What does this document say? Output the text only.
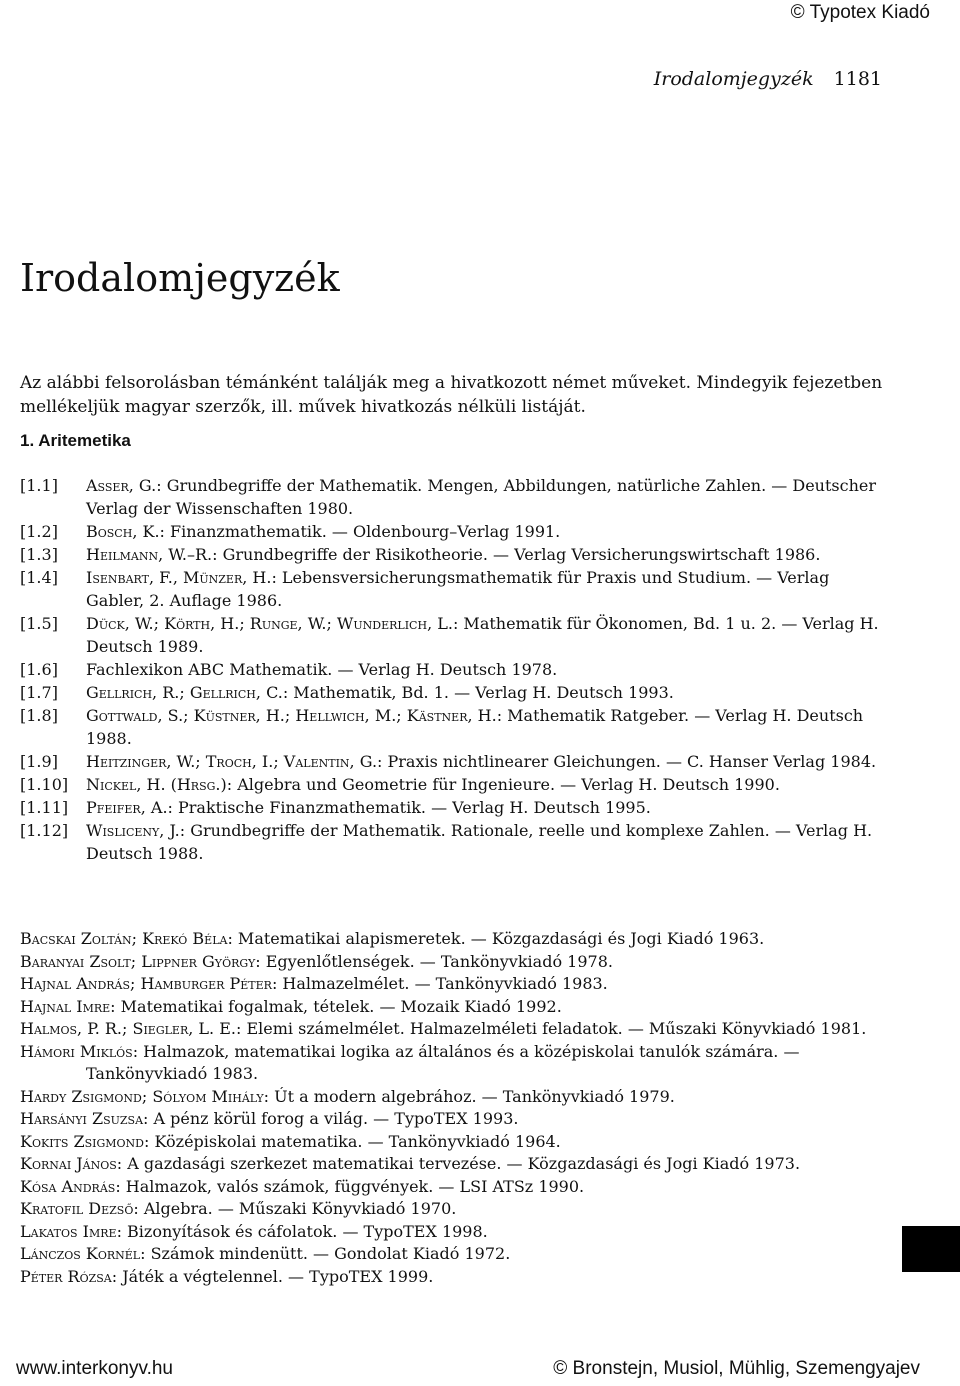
© Typotex Kiadó
Irodalomjegyzék 1181
Irodalomjegyzék

Az alábbi felsorolásban témánként találják meg a hivatkozott német műveket. Mindegyik fejezetben mellékeljük magyar szerzők, ill. művek hivatkozás nélküli listáját.

1. Aritemetika
[1.1]	Asser, G.: Grundbegriffe der Mathematik. Mengen, Abbildungen, natürliche Zahlen. — Deutscher Verlag der Wissenschaften 1980.
[1.2]	Bosch, K.: Finanzmathematik. — Oldenbourg–Verlag 1991.
[1.3]	Heilmann, W.–R.: Grundbegriffe der Risikotheorie. — Verlag Versicherungswirtschaft 1986.
[1.4]	Isenbart, F., Münzer, H.: Lebensversicherungsmathematik für Praxis und Studium. — Verlag Gabler, 2. Auflage 1986.
[1.5]	Dück, W.; Körth, H.; Runge, W.; Wunderlich, L.: Mathematik für Ökonomen, Bd. 1 u. 2. — Verlag H. Deutsch 1989.
[1.6]	Fachlexikon ABC Mathematik. — Verlag H. Deutsch 1978.
[1.7]	Gellrich, R.; Gellrich, C.: Mathematik, Bd. 1. — Verlag H. Deutsch 1993.
[1.8]	Gottwald, S.; Küstner, H.; Hellwich, M.; Kästner, H.: Mathematik Ratgeber. — Verlag H. Deutsch 1988.
[1.9]	Heitzinger, W.; Troch, I.; Valentin, G.: Praxis nichtlinearer Gleichungen. — C. Hanser Verlag 1984.
[1.10]	Nickel, H. (Hrsg.): Algebra und Geometrie für Ingenieure. — Verlag H. Deutsch 1990.
[1.11]	Pfeifer, A.: Praktische Finanzmathematik. — Verlag H. Deutsch 1995.
[1.12]	Wisliceny, J.: Grundbegriffe der Mathematik. Rationale, reelle und komplexe Zahlen. — Verlag H. Deutsch 1988.
Bacskai Zoltán; Krekó Béla: Matematikai alapismeretek. — Közgazdasági és Jogi Kiadó 1963.
Baranyai Zsolt; Lippner György: Egyenlőtlenségek. — Tankönyvkiadó 1978.
Hajnal András; Hamburger Péter: Halmazelmélet. — Tankönyvkiadó 1983.
Hajnal Imre: Matematikai fogalmak, tételek. — Mozaik Kiadó 1992.
Halmos, P. R.; Siegler, L. E.: Elemi számelmélet. Halmazelméleti feladatok. — Műszaki Könyvkiadó 1981.
Hámori Miklós: Halmazok, matematikai logika az általános és a középiskolai tanulók számára. — Tankönyvkiadó 1983.
Hardy Zsigmond; Sólyom Mihály: Út a modern algebrához. — Tankönyvkiadó 1979.
Harsányi Zsuzsa: A pénz körül forog a világ. — TypoTEX 1993.
Kokits Zsigmond: Középiskolai matematika. — Tankönyvkiadó 1964.
Kornai János: A gazdasági szerkezet matematikai tervezése. — Közgazdasági és Jogi Kiadó 1973.
Kósa András: Halmazok, valós számok, függvények. — LSI ATSz 1990.
Kratofil Dezső: Algebra. — Műszaki Könyvkiadó 1970.
Lakatos Imre: Bizonyítások és cáfolatok. — TypoTEX 1998.
Lánczos Kornél: Számok mindenütt. — Gondolat Kiadó 1972.
Péter Rózsa: Játék a végtelennel. — TypoTEX 1999.
www.interkonyv.hu	© Bronstejn, Musiol, Mühlig, Szemengyajev
